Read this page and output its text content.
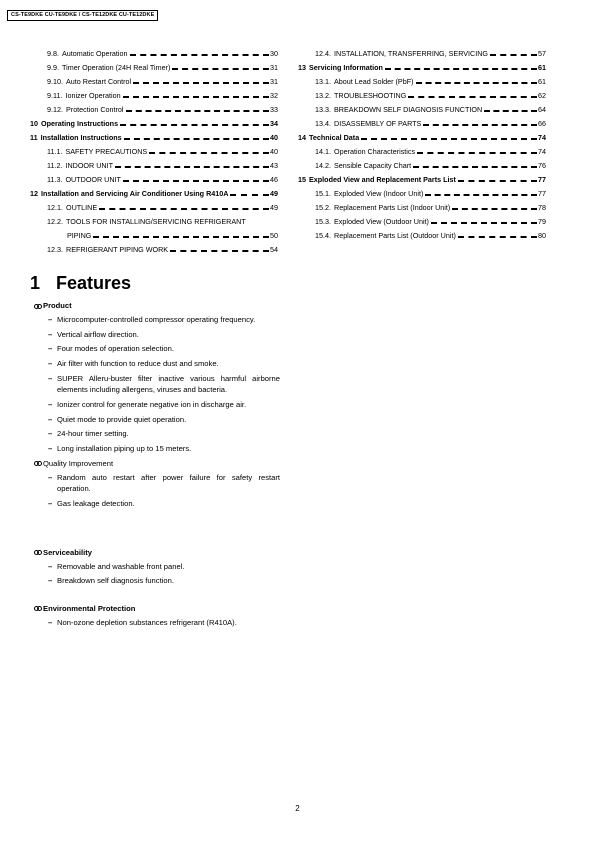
CS-TE9DKE CU-TE9DKE / CS-TE12DKE CU-TE12DKE
9.8. Automatic Operation	30
9.9. Timer Operation (24H Real Timer)	31
9.10. Auto Restart Control	31
9.11. Ionizer Operation	32
9.12. Protection Control	33
10 Operating Instructions	34
11 Installation Instructions	40
11.1. SAFETY PRECAUTIONS	40
11.2. INDOOR UNIT	43
11.3. OUTDOOR UNIT	46
12 Installation and Servicing Air Conditioner Using R410A	49
12.1. OUTLINE	49
12.2. TOOLS FOR INSTALLING/SERVICING REFRIGERANT
PIPING	50
12.3. REFRIGERANT PIPING WORK	54
12.4. INSTALLATION, TRANSFERRING, SERVICING	57
13 Servicing Information	61
13.1. About Lead Solder (PbF)	61
13.2. TROUBLESHOOTING	62
13.3. BREAKDOWN SELF DIAGNOSIS FUNCTION	64
13.4. DISASSEMBLY OF PARTS	66
14 Technical Data	74
14.1. Operation Characteristics	74
14.2. Sensible Capacity Chart	76
15 Exploded View and Replacement Parts List	77
15.1. Exploded View (Indoor Unit)	77
15.2. Replacement Parts List (Indoor Unit)	78
15.3. Exploded View (Outdoor Unit)	79
15.4. Replacement Parts List (Outdoor Unit)	80
1 Features
Product
– Microcomputer-controlled compressor operating frequency.
– Vertical airflow direction.
– Four modes of operation selection.
– Air filter with function to reduce dust and smoke.
– SUPER Alleru-buster filter inactive various harmful airborne elements including allergens, viruses and bacteria.
– Ionizer control for generate negative ion in discharge air.
– Quiet mode to provide quiet operation.
– 24-hour timer setting.
– Long installation piping up to 15 meters.
Quality Improvement
– Random auto restart after power failure for safety restart operation.
– Gas leakage detection.
Serviceability
– Removable and washable front panel.
– Breakdown self diagnosis function.
Environmental Protection
– Non-ozone depletion substances refrigerant (R410A).
2
